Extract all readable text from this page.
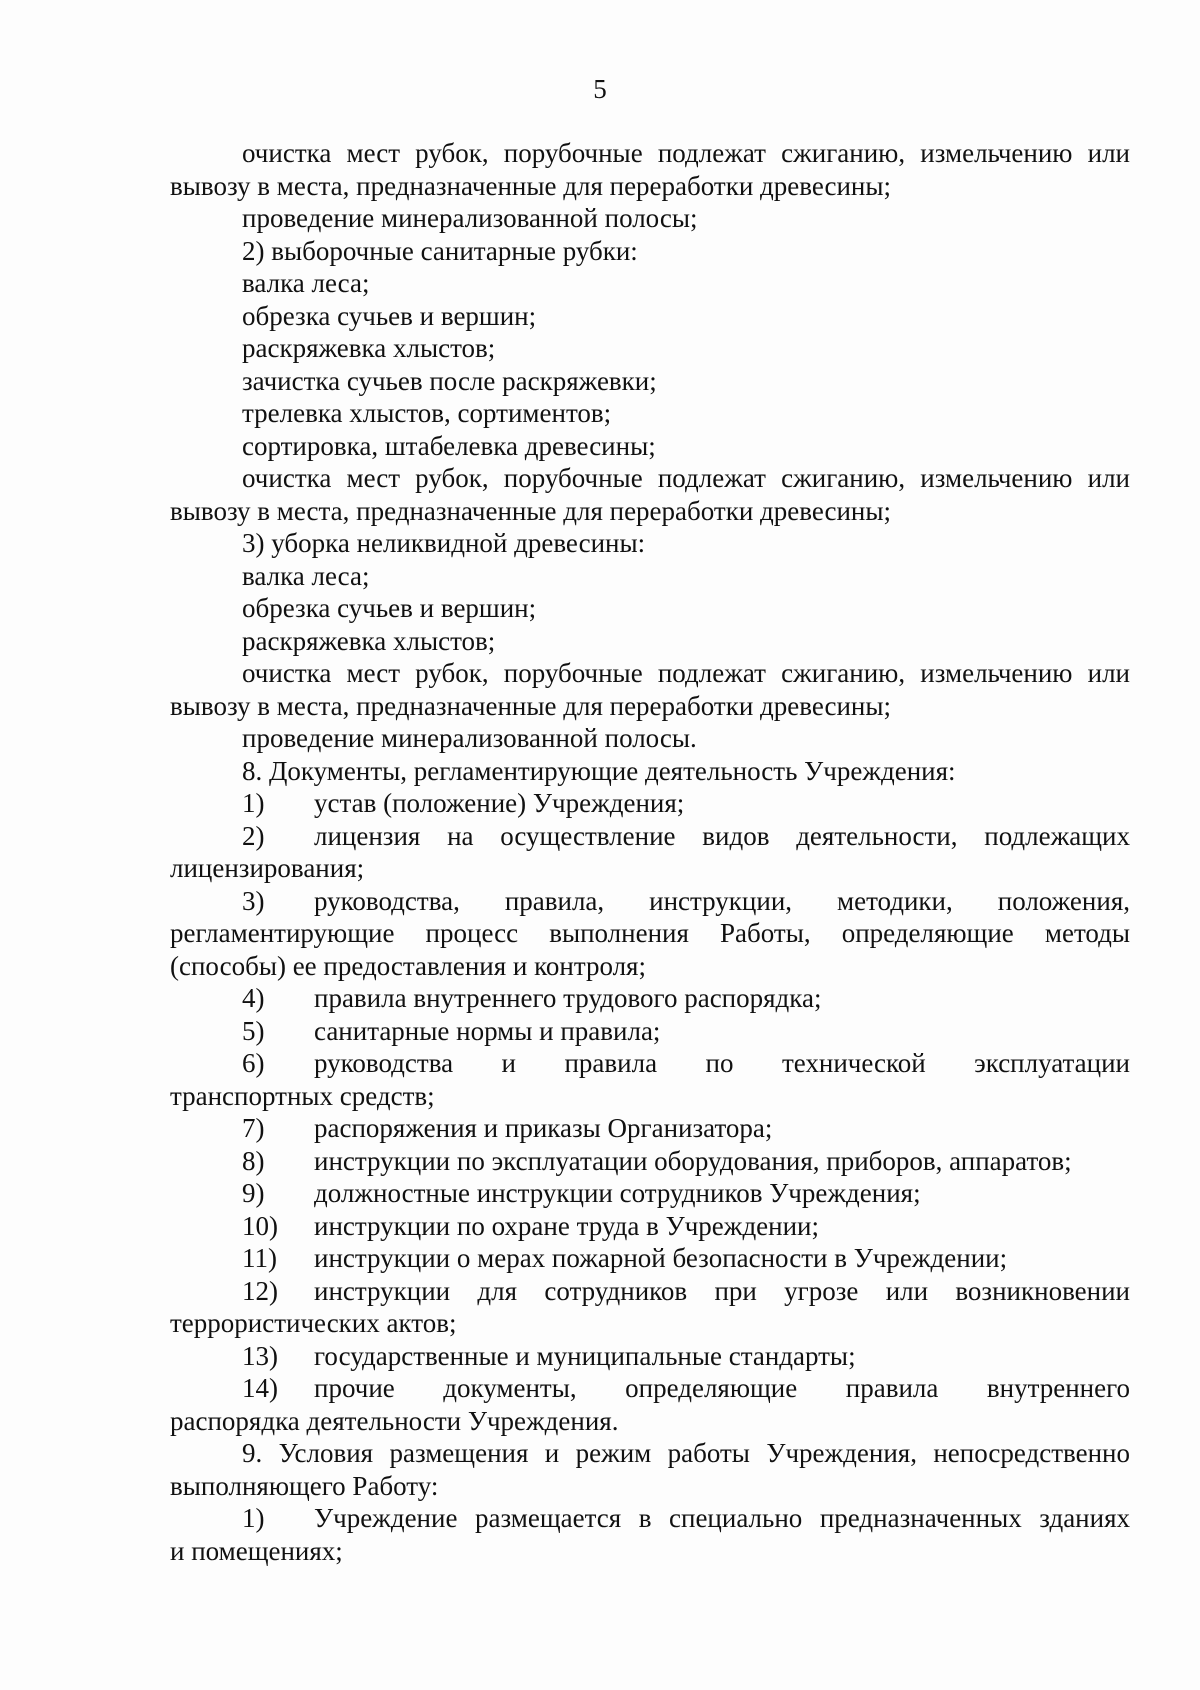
5
очистка мест рубок, порубочные подлежат сжиганию, измельчению или
вывозу в места, предназначенные для переработки древесины;
проведение минерализованной полосы;
2) выборочные санитарные рубки:
валка леса;
обрезка сучьев и вершин;
раскряжевка хлыстов;
зачистка сучьев после раскряжевки;
трелевка хлыстов, сортиментов;
сортировка, штабелевка древесины;
очистка мест рубок, порубочные подлежат сжиганию, измельчению или
вывозу в места, предназначенные для переработки древесины;
3) уборка неликвидной древесины:
валка леса;
обрезка сучьев и вершин;
раскряжевка хлыстов;
очистка мест рубок, порубочные подлежат сжиганию, измельчению или
вывозу в места, предназначенные для переработки древесины;
проведение минерализованной полосы.
8. Документы, регламентирующие деятельность Учреждения:
1) устав (положение) Учреждения;
2) лицензия на осуществление видов деятельности, подлежащих
лицензирования;
3) руководства, правила, инструкции, методики, положения,
регламентирующие процесс выполнения Работы, определяющие методы
(способы) ее предоставления и контроля;
4) правила внутреннего трудового распорядка;
5) санитарные нормы и правила;
6) руководства и правила по технической эксплуатации
транспортных средств;
7) распоряжения и приказы Организатора;
8) инструкции по эксплуатации оборудования, приборов, аппаратов;
9) должностные инструкции сотрудников Учреждения;
10) инструкции по охране труда в Учреждении;
11) инструкции о мерах пожарной безопасности в Учреждении;
12) инструкции для сотрудников при угрозе или возникновении
террористических актов;
13) государственные и муниципальные стандарты;
14) прочие документы, определяющие правила внутреннего
распорядка деятельности Учреждения.
9. Условия размещения и режим работы Учреждения, непосредственно
выполняющего Работу:
1) Учреждение размещается в специально предназначенных зданиях
и помещениях;
